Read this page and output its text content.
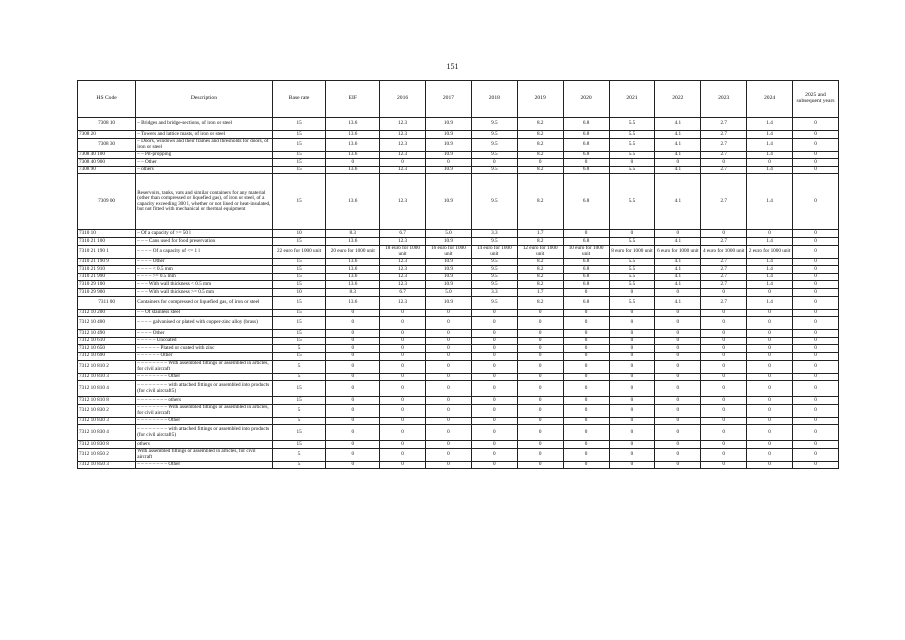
151
HS Code	Description	Base rate	EIF	2016	2017	2018	2019	2020	2021	2022	2023	2024	2025 and subsequent years
7308 10	– Bridges and bridge-sections, of iron or steel	15	13.6	12.3	10.9	9.5	8.2	6.8	5.5	4.1	2.7	1.4	0
7308 20	– Towers and lattice masts, of iron or steel	15	13.6	12.3	10.9	9.5	8.2	6.8	5.5	4.1	2.7	1.4	0
7308 30	– Doors, windows and their frames and thresholds for doors, of iron or steel	15	13.6	12.3	10.9	9.5	8.2	6.8	5.5	4.1	2.7	1.4	0
7308 40 100	– – Pit-propping	15	13.6	12.3	10.9	9.5	8.2	6.8	5.5	4.1	2.7	1.4	0
7308 40 900	– – Other	15	0	0	0	0	0	0	0	0	0	0	0
7308 90	– others	15	13.6	12.3	10.9	9.5	8.2	6.8	5.5	4.1	2.7	1.4	0
7309 00	Reservoirs, tanks, vats and similar containers for any material (other than compressed or liquefied gas), of iron or steel, of a capacity exceeding 300 l, whether or not lined or heat-insulated, but not fitted with mechanical or thermal equipment	15	13.6	12.3	10.9	9.5	8.2	6.8	5.5	4.1	2.7	1.4	0
7310 10	– Of a capacity of >= 50 l	10	8.3	6.7	5.0	3.3	1.7	0	0	0	0	0	0
7310 21 100	– – – Cans used for food preservation	15	13.6	12.3	10.9	9.5	8.2	6.8	5.5	4.1	2.7	1.4	0
7310 21 190 1	– – – – Of a capacity of <= 1 l	22 euro for 1000 unit	20 euro for 1000 unit	18 euro for 1000 unit	16 euro for 1000 unit	14 euro for 1000 unit	12 euro for 1000 unit	10 euro for 1000 unit	8 euro for 1000 unit	6 euro for 1000 unit	4 euro for 1000 unit	2 euro for 1000 unit	0
7310 21 190 9	– – – – Other	15	13.6	12.3	10.9	9.5	8.2	6.8	5.5	4.1	2.7	1.4	0
7310 21 910	– – – – < 0.5 mm	15	13.6	12.3	10.9	9.5	8.2	6.8	5.5	4.1	2.7	1.4	0
7310 21 990	– – – – >= 0.5 mm	15	13.6	12.3	10.9	9.5	8.2	6.8	5.5	4.1	2.7	1.4	0
7310 29 100	– – – With wall thickness < 0.5 mm	15	13.6	12.3	10.9	9.5	8.2	6.8	5.5	4.1	2.7	1.4	0
7310 29 900	– – – With wall thickness >= 0.5 mm	10	8.3	6.7	5.0	3.3	1.7	0	0	0	0	0	0
7311 00	Containers for compressed or liquefied gas, of iron or steel	15	13.6	12.3	10.9	9.5	8.2	6.8	5.5	4.1	2.7	1.4	0
7312 10 200	– – Of stainless steel	15	0	0	0	0	0	0	0	0	0	0	0
7312 10 400	– – – – galvanised or plated with copper-zinc alloy (brass)	15	0	0	0	0	0	0	0	0	0	0	0
7312 10 490	– – – – Other	15	0	0	0	0	0	0	0	0	0	0	0
7312 10 610	– – – – – Uncoated	15	0	0	0	0	0	0	0	0	0	0	0
7312 10 650	– – – – – – Plated or coated with zinc	5	0	0	0	0	0	0	0	0	0	0	0
7312 10 690	– – – – – – Other	15	0	0	0	0	0	0	0	0	0	0	0
7312 10 810 2	– – – – – – – – With assembled fittings or assembled in articles, for civil aircraft	5	0	0	0	0	0	0	0	0	0	0	0
7312 10 810 3	– – – – – – – – Other	5	0	0	0	0	0	0	0	0	0	0	0
7312 10 810 4	– – – – – – – – with attached fittings or assembled into products (for civil aircraft5)	15	0	0	0	0	0	0	0	0	0	0	0
7312 10 810 8	– – – – – – – – others	15	0	0	0	0	0	0	0	0	0	0	0
7312 10 830 2	– – – – – – – – With assembled fittings or assembled in articles, for civil aircraft	5	0	0	0	0	0	0	0	0	0	0	0
7312 10 830 3	– – – – – – – – Other	5	0	0	0	0	0	0	0	0	0	0	0
7312 10 830 4	– – – – – – – – with attached fittings or assembled into products (for civil aircraft5)	15	0	0	0	0	0	0	0	0	0	0	0
7312 10 830 8	others	15	0	0	0	0	0	0	0	0	0	0	0
7312 10 850 2	With assembled fittings or assembled in articles, for civil aircraft	5	0	0	0	0	0	0	0	0	0	0	0
7312 10 850 3	– – – – – – – – Other	5	0	0	0	0	0	0	0	0	0	0	0
